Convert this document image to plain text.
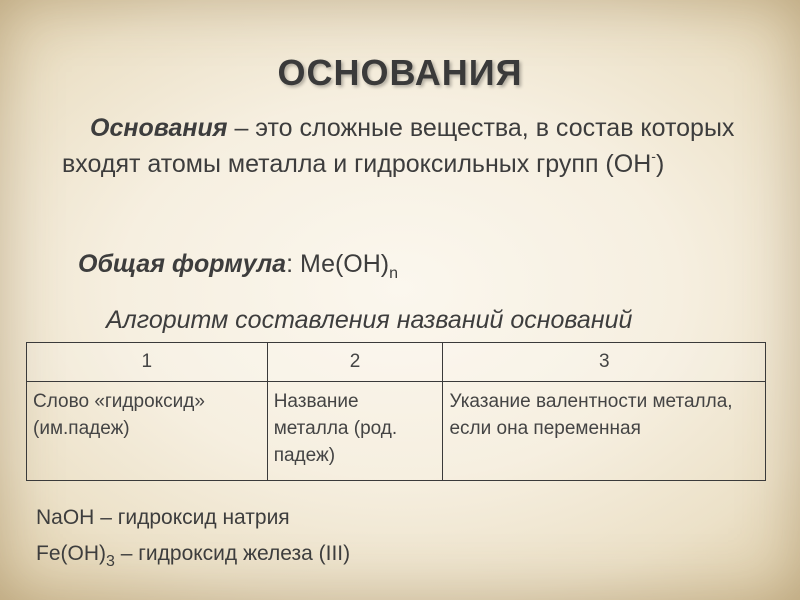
ОСНОВАНИЯ
Основания – это сложные вещества, в состав которых входят атомы металла и гидроксильных групп (ОН-)
Общая формула: $Ме(ОН)_n$
Алгоритм составления названий оснований
1	2	3
Слово «гидроксид» (им.падеж)	Название металла (род. падеж)	Указание валентности металла, если она переменная
NaOH – гидроксид натрия
$Fe(OH)_3$ – гидроксид железа (III)
